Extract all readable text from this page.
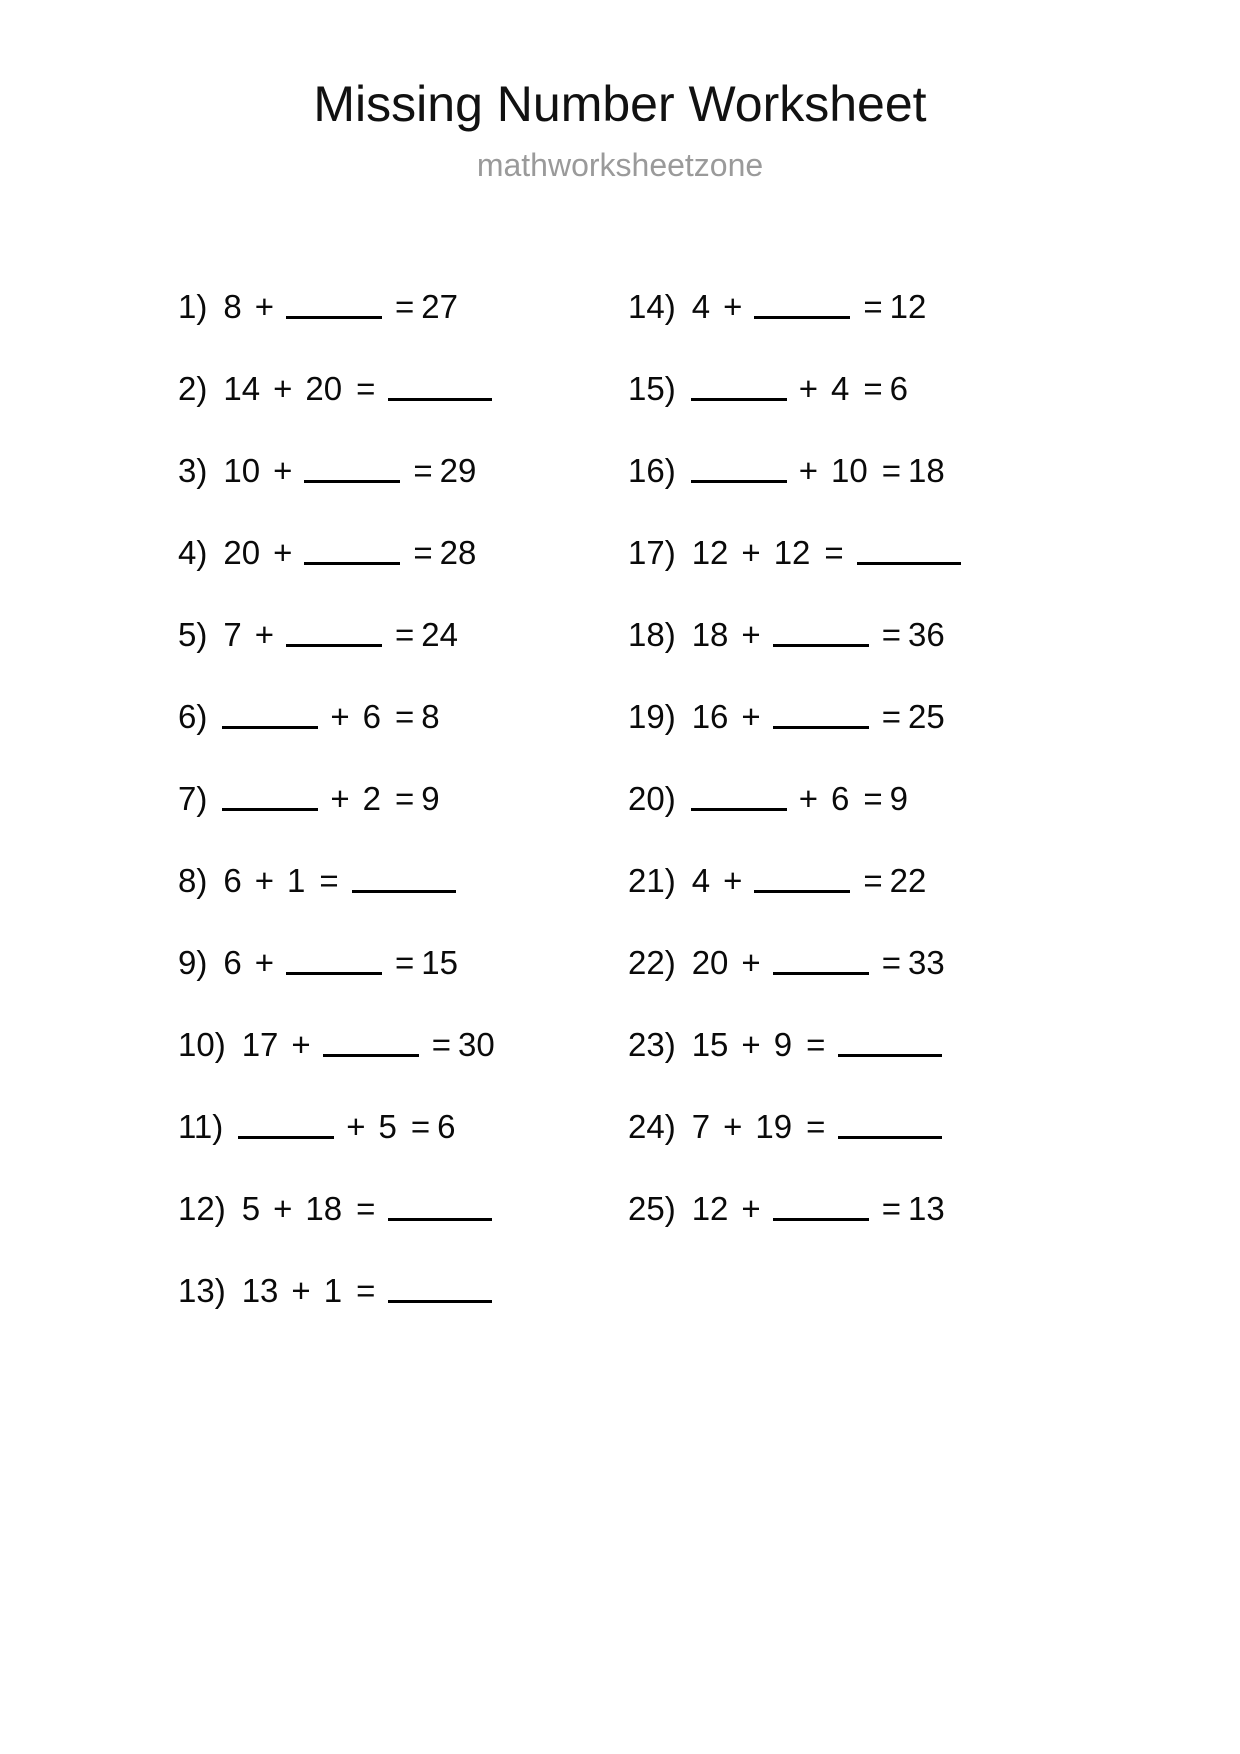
Missing Number Worksheet
mathworksheetzone
1) 8 +	= 27
2) 14 + 20 =
3) 10 +	= 29
4) 20 +	= 28
5) 7 +	= 24
6)	+ 6 = 8
7)	+ 2 = 9
8) 6 + 1 =
9) 6 +	= 15
10) 17 +	= 30
11)	+ 5 = 6
12) 5 + 18 =
13) 13 + 1 =
14) 4 +	= 12
15)	+ 4 = 6
16)	+ 10 = 18
17) 12 + 12 =
18) 18 +	= 36
19) 16 +	= 25
20)	+ 6 = 9
21) 4 +	= 22
22) 20 +	= 33
23) 15 + 9 =
24) 7 + 19 =
25) 12 +	= 13
